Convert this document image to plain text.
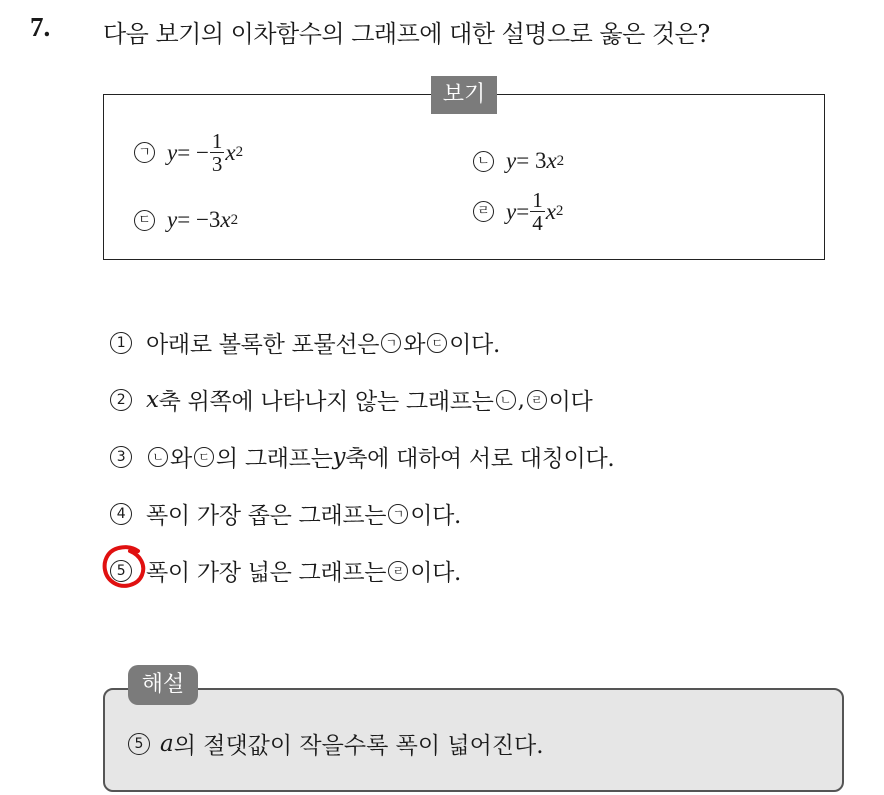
7. 다음 보기의 이차함수의 그래프에 대한 설명으로 옳은 것은?
보기
ㄱ y = − $\frac{1}{3}$ x 2
ㄴ y = 3 x 2
ㄷ y = −3 x 2	ㄹ $y = \frac{1}{4}$ x 2
1 아래로 볼록한 포물선은 ㄱ 와 ㄷ 이다.
2 x 축 위쪽에 나타나지 않는 그래프는 ㄴ , ㄹ 이다
3	ㄴ 와 ㄷ 의 그래프는 y 축에 대하여 서로 대칭이다.
4 폭이 가장 좁은 그래프는 ㄱ 이다.
5 폭이 가장 넓은 그래프는 ㄹ 이다.
해설
5 a 의 절댓값이 작을수록 폭이 넓어진다.
